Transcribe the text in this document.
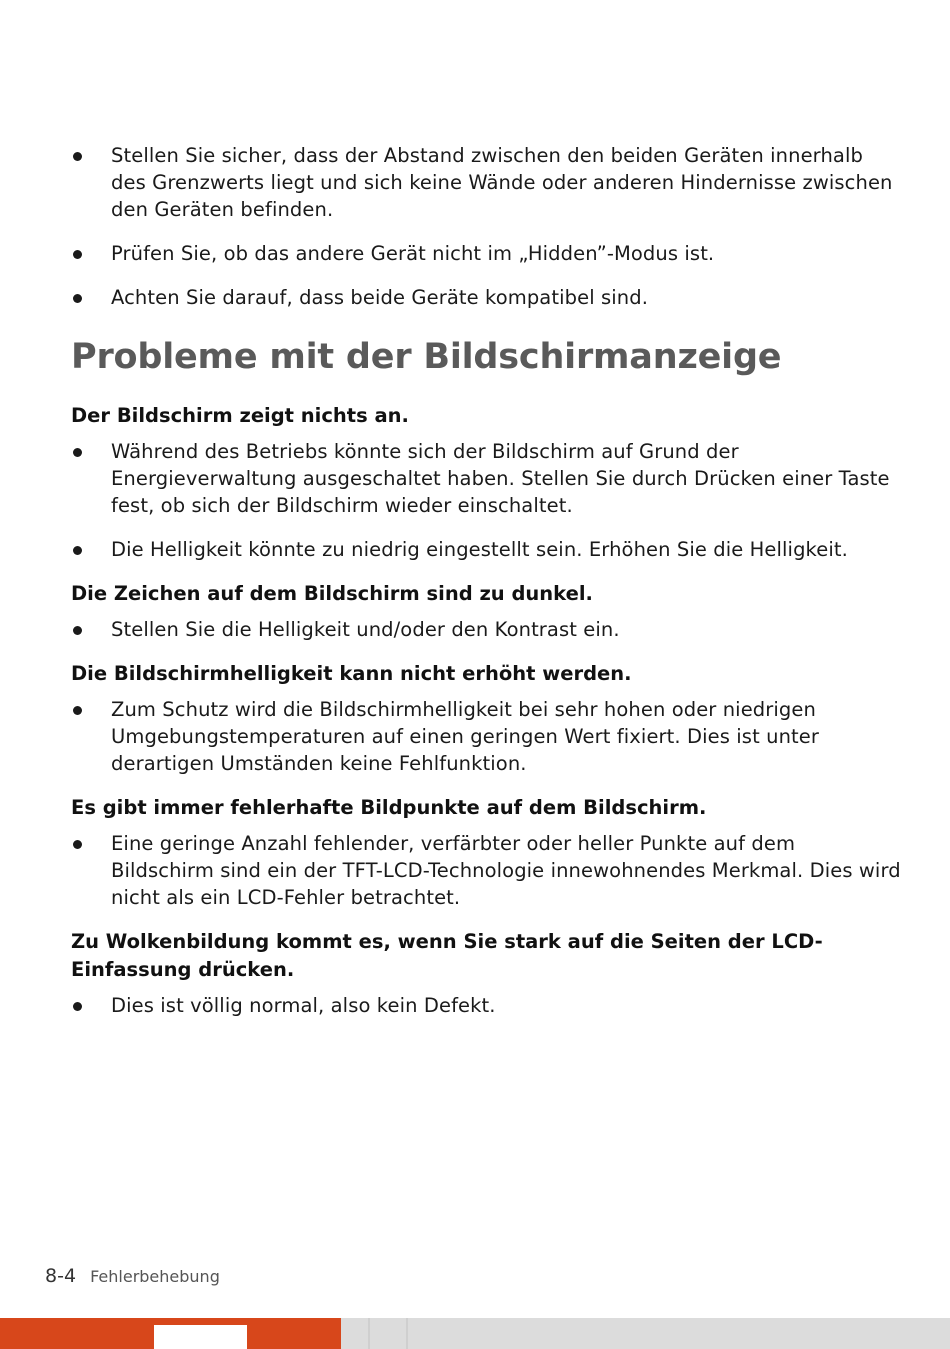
Stellen Sie sicher, dass der Abstand zwischen den beiden Geräten innerhalb des Grenzwerts liegt und sich keine Wände oder anderen Hindernisse zwischen den Geräten befinden.
Prüfen Sie, ob das andere Gerät nicht im „Hidden”-Modus ist.
Achten Sie darauf, dass beide Geräte kompatibel sind.
Probleme mit der Bildschirmanzeige
Der Bildschirm zeigt nichts an.
Während des Betriebs könnte sich der Bildschirm auf Grund der Energieverwaltung ausgeschaltet haben. Stellen Sie durch Drücken einer Taste fest, ob sich der Bildschirm wieder einschaltet.
Die Helligkeit könnte zu niedrig eingestellt sein. Erhöhen Sie die Helligkeit.
Die Zeichen auf dem Bildschirm sind zu dunkel.
Stellen Sie die Helligkeit und/oder den Kontrast ein.
Die Bildschirmhelligkeit kann nicht erhöht werden.
Zum Schutz wird die Bildschirmhelligkeit bei sehr hohen oder niedrigen Umgebungstemperaturen auf einen geringen Wert fixiert. Dies ist unter derartigen Umständen keine Fehlfunktion.
Es gibt immer fehlerhafte Bildpunkte auf dem Bildschirm.
Eine geringe Anzahl fehlender, verfärbter oder heller Punkte auf dem Bildschirm sind ein der TFT-LCD-Technologie innewohnendes Merkmal. Dies wird nicht als ein LCD-Fehler betrachtet.
Zu Wolkenbildung kommt es, wenn Sie stark auf die Seiten der LCD-Einfassung drücken.
Dies ist völlig normal, also kein Defekt.
8-4 Fehlerbehebung
